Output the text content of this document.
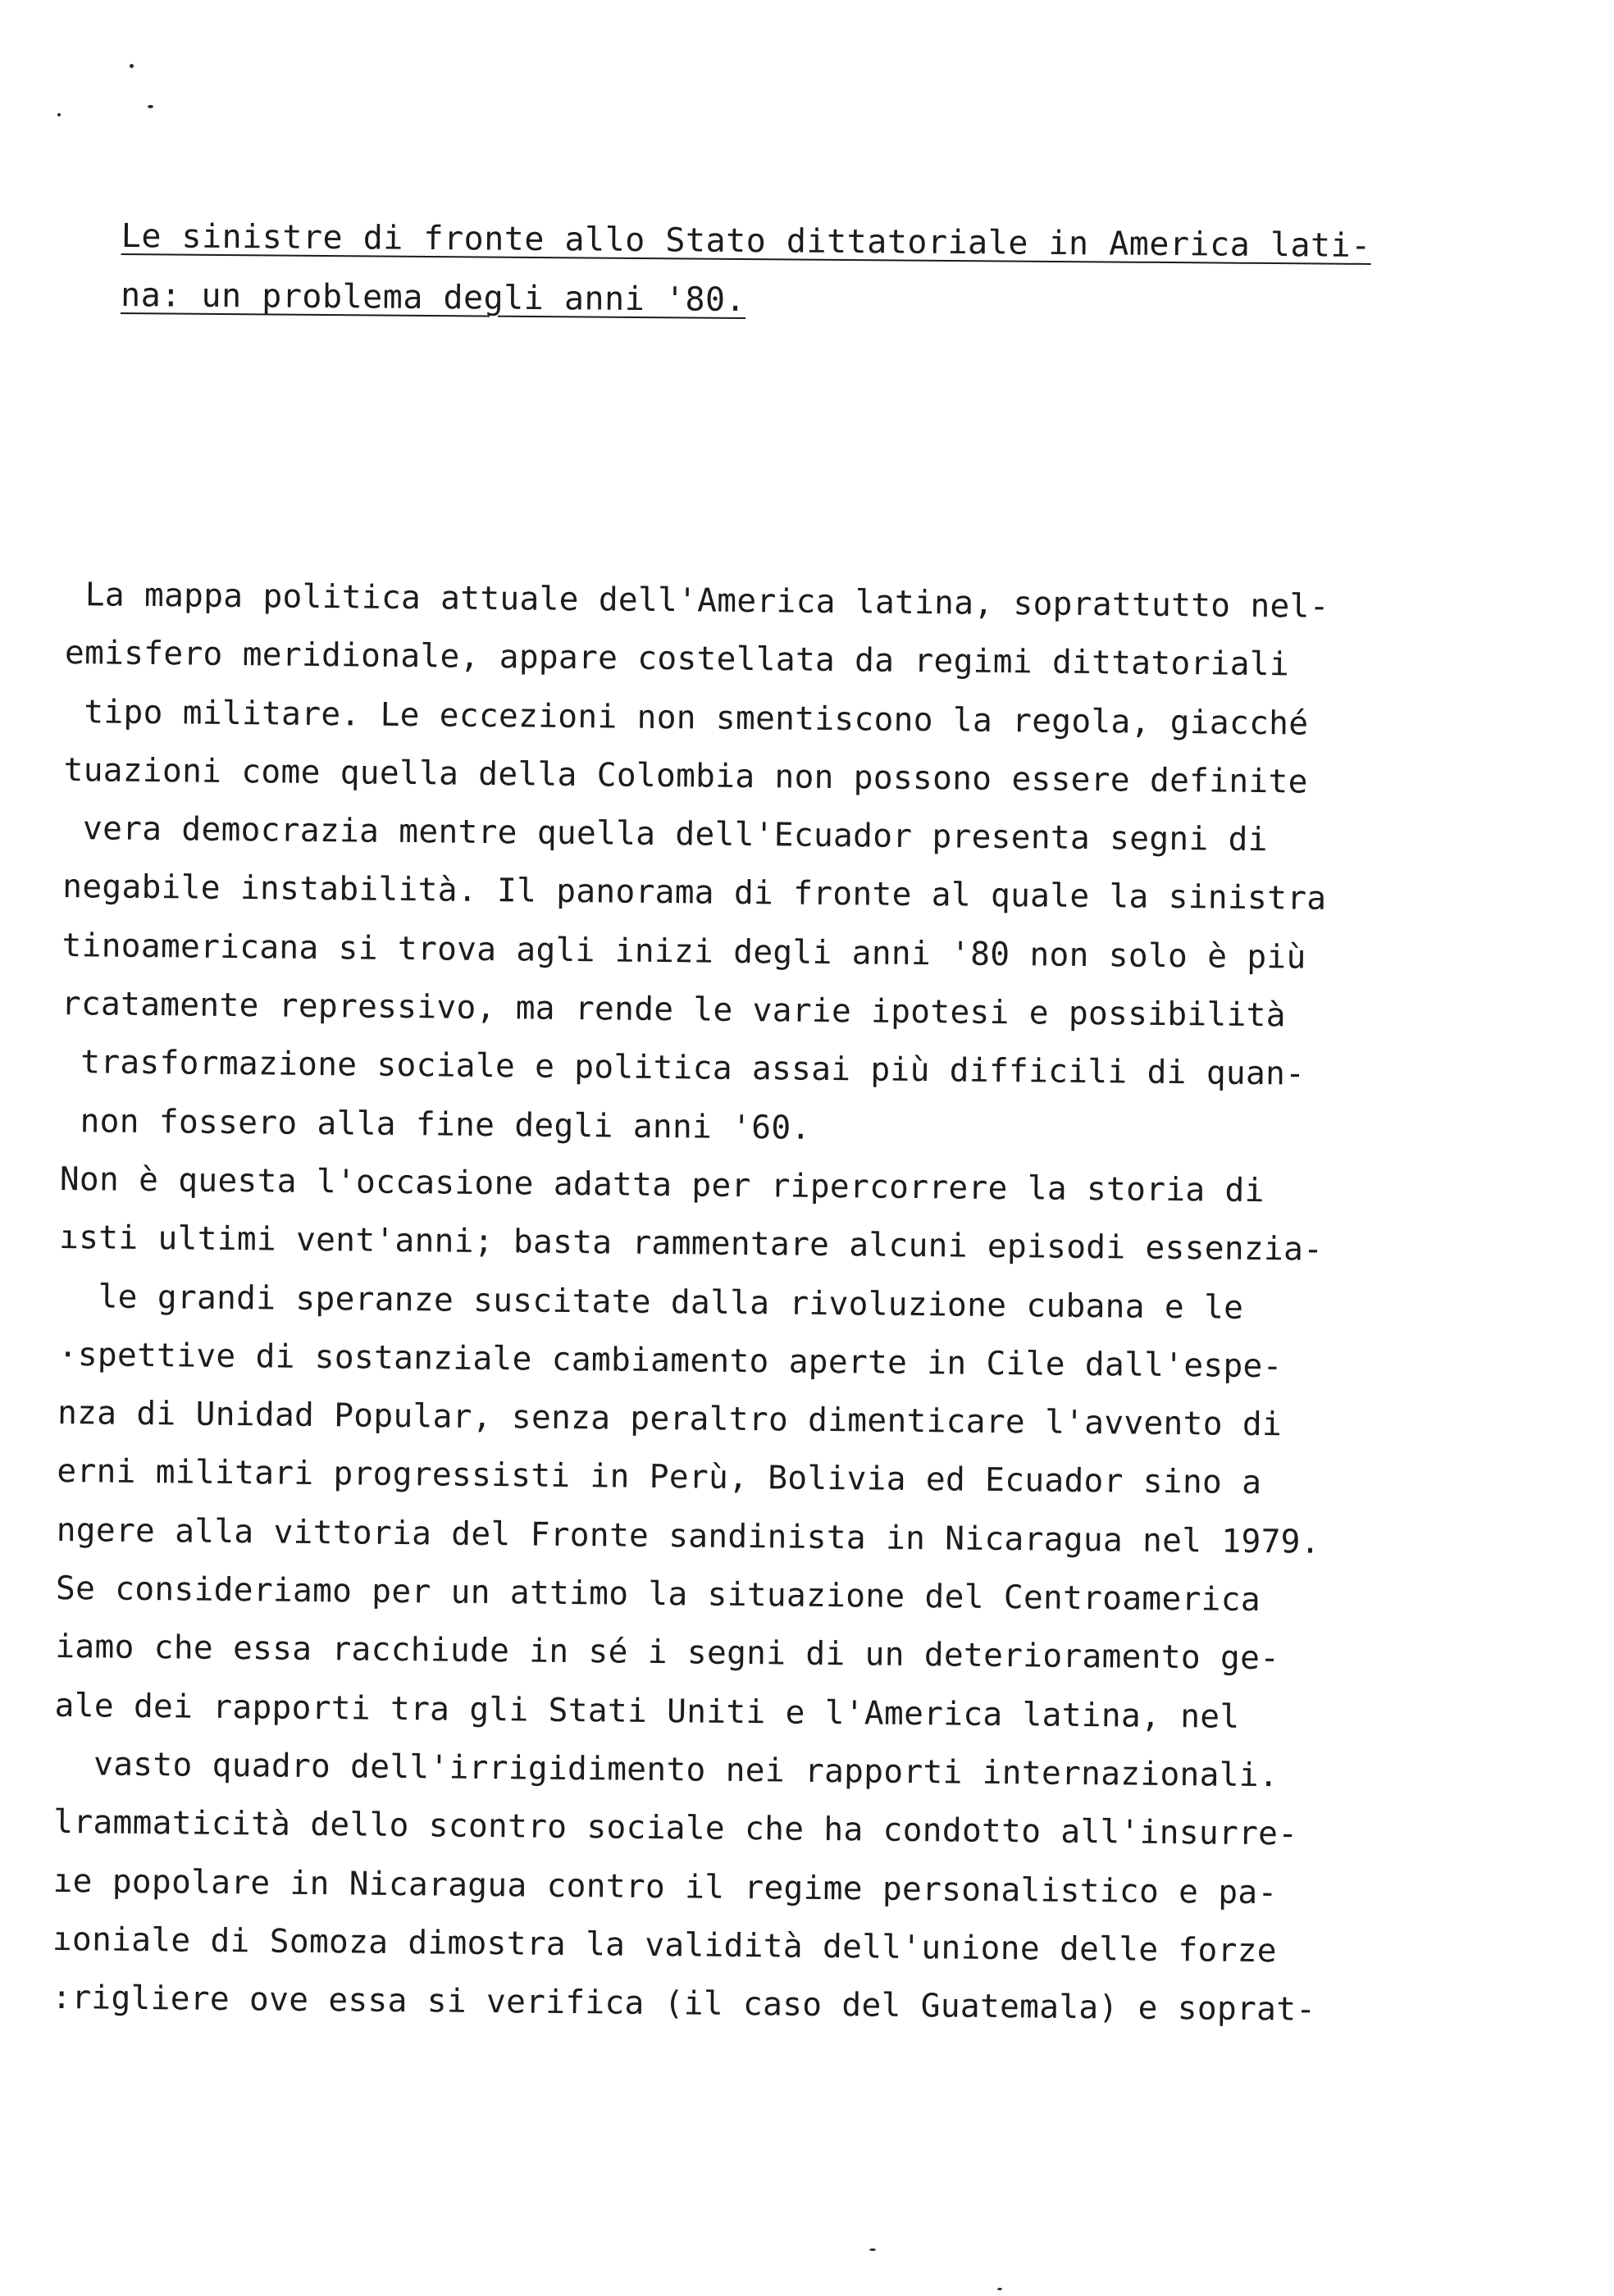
Le sinistre di fronte allo Stato dittatoriale in America lati-
na: un problema degli anni '80.
La mappa politica attuale dell'America latina, soprattutto nel-
emisfero meridionale, appare costellata da regimi dittatoriali
tipo militare. Le eccezioni non smentiscono la regola, giacché
tuazioni come quella della Colombia non possono essere definite
vera democrazia mentre quella dell'Ecuador presenta segni di
negabile instabilità. Il panorama di fronte al quale la sinistra
tinoamericana si trova agli inizi degli anni '80 non solo è più
rcatamente repressivo, ma rende le varie ipotesi e possibilità
trasformazione sociale e politica assai più difficili di quan-
non fossero alla fine degli anni '60.
Non è questa l'occasione adatta per ripercorrere la storia di
ısti ultimi vent'anni; basta rammentare alcuni episodi essenzia-
le grandi speranze suscitate dalla rivoluzione cubana e le
·spettive di sostanziale cambiamento aperte in Cile dall'espe-
nza di Unidad Popular, senza peraltro dimenticare l'avvento di
erni militari progressisti in Perù, Bolivia ed Ecuador sino a
ngere alla vittoria del Fronte sandinista in Nicaragua nel 1979.
Se consideriamo per un attimo la situazione del Centroamerica
iamo che essa racchiude in sé i segni di un deterioramento ge-
ale dei rapporti tra gli Stati Uniti e l'America latina, nel
vasto quadro dell'irrigidimento nei rapporti internazionali.
lrammaticità dello scontro sociale che ha condotto all'insurre-
ıe popolare in Nicaragua contro il regime personalistico e pa-
ıoniale di Somoza dimostra la validità dell'unione delle forze
:rigliere ove essa si verifica (il caso del Guatemala) e soprat-
